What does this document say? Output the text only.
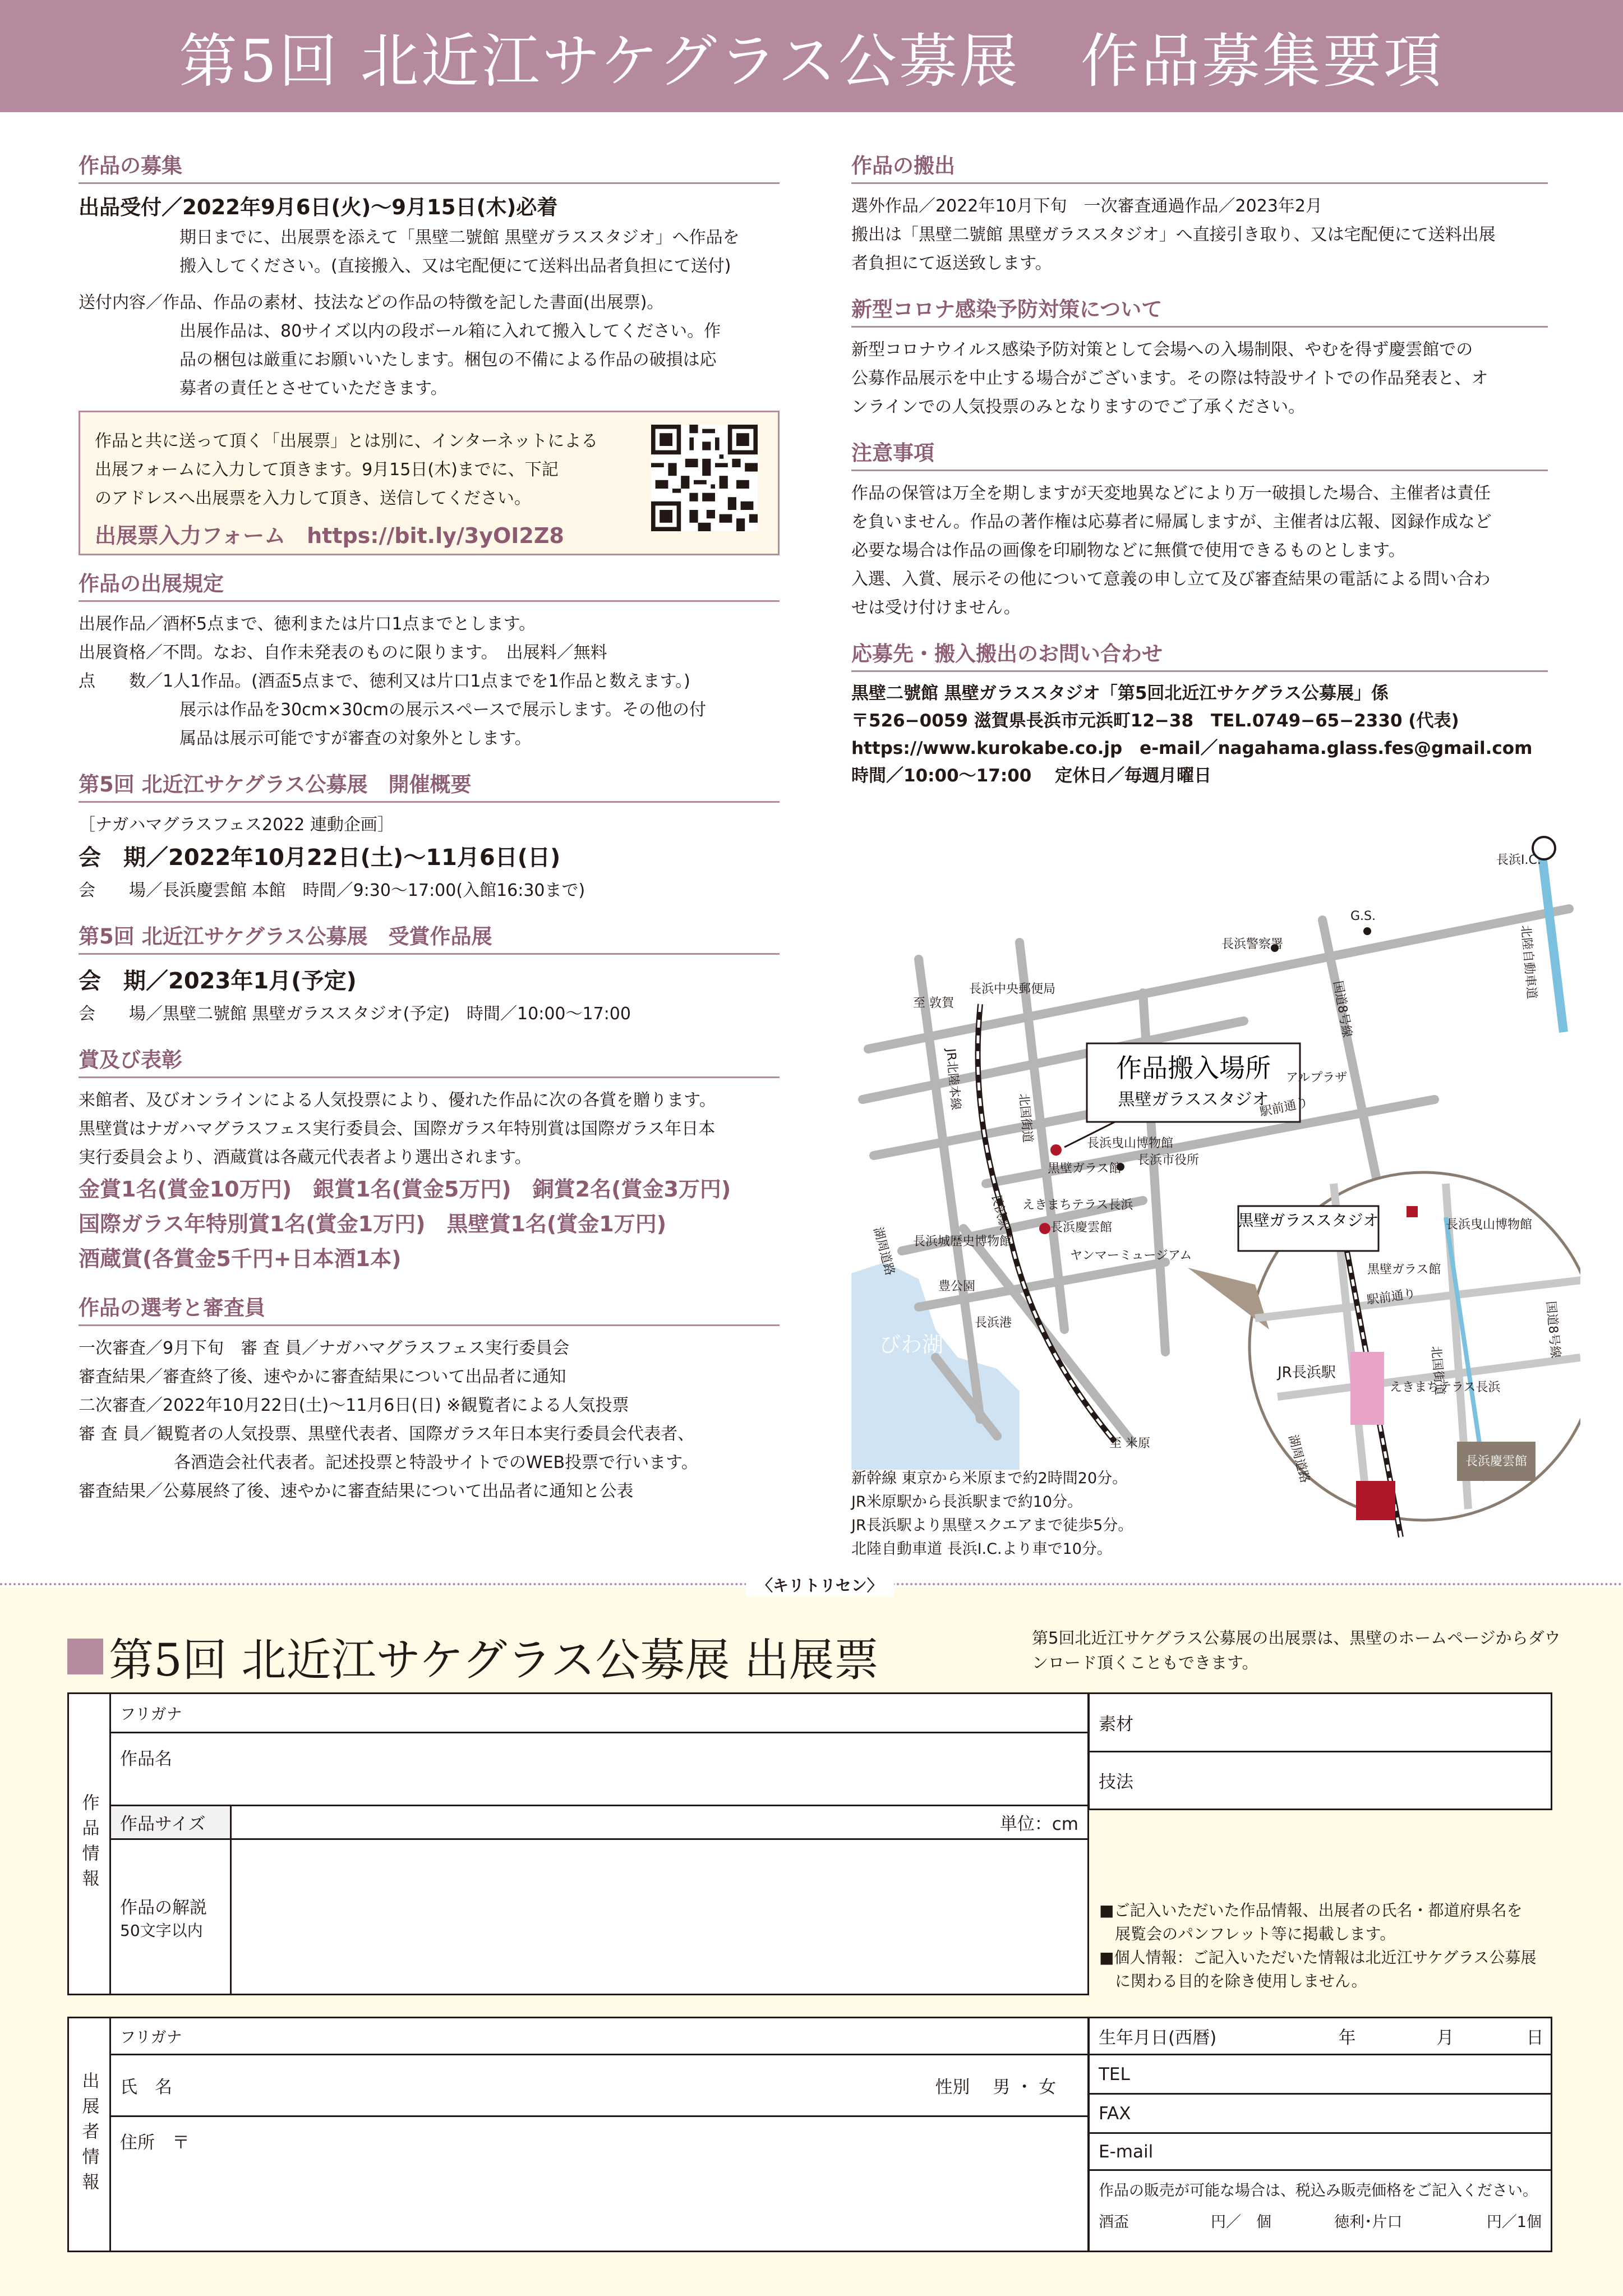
第5回 北近江サケグラス公募展　作品募集要項
作品の募集

出品受付／2022年9月6日(火)～9月15日(木)必着

期日までに、出展票を添えて「黒壁二號館 黒壁ガラススタジオ」へ作品を

搬入してください。(直接搬入、又は宅配便にて送料出品者負担にて送付)

送付内容／作品、作品の素材、技法などの作品の特徴を記した書面(出展票)。

出展作品は、80サイズ以内の段ボール箱に入れて搬入してください。作

品の梱包は厳重にお願いいたします。梱包の不備による作品の破損は応

募者の責任とさせていただきます。

作品と共に送って頂く「出展票」とは別に、インターネットによる

出展フォームに入力して頂きます。9月15日(木)までに、下記

のアドレスへ出展票を入力して頂き、送信してください。

出展票入力フォーム　https://bit.ly/3yOI2Z8
作品の出展規定

出展作品／酒杯5点まで、徳利または片口1点までとします。

出展資格／不問。なお、自作未発表のものに限ります。　出展料／無料

点　　数／1人1作品。(酒盃5点まで、徳利又は片口1点までを1作品と数えます。)

展示は作品を30cm×30cmの展示スペースで展示します。その他の付

属品は展示可能ですが審査の対象外とします。

第5回 北近江サケグラス公募展　開催概要

［ナガハマグラスフェス2022 連動企画］

会　期／2022年10月22日(土)～11月6日(日)

会　　場／長浜慶雲館 本館　時間／9:30～17:00(入館16:30まで)

第5回 北近江サケグラス公募展　受賞作品展

会　期／2023年1月(予定)

会　　場／黒壁二號館 黒壁ガラススタジオ(予定)　時間／10:00～17:00

賞及び表彰

来館者、及びオンラインによる人気投票により、優れた作品に次の各賞を贈ります。

黒壁賞はナガハマグラスフェス実行委員会、国際ガラス年特別賞は国際ガラス年日本

実行委員会より、酒蔵賞は各蔵元代表者より選出されます。

金賞1名(賞金10万円)　銀賞1名(賞金5万円)　銅賞2名(賞金3万円)

国際ガラス年特別賞1名(賞金1万円)　黒壁賞1名(賞金1万円)

酒蔵賞(各賞金5千円+日本酒1本)

作品の選考と審査員

一次審査／9月下旬　審 査 員／ナガハマグラスフェス実行委員会

審査結果／審査終了後、速やかに審査結果について出品者に通知

二次審査／2022年10月22日(土)～11月6日(日) ※観覧者による人気投票

審 査 員／観覧者の人気投票、黒壁代表者、国際ガラス年日本実行委員会代表者、

各酒造会社代表者。記述投票と特設サイトでのWEB投票で行います。

審査結果／公募展終了後、速やかに審査結果について出品者に通知と公表

作品の搬出

選外作品／2022年10月下旬　一次審査通過作品／2023年2月

搬出は「黒壁二號館 黒壁ガラススタジオ」へ直接引き取り、又は宅配便にて送料出展

者負担にて返送致します。

新型コロナ感染予防対策について

新型コロナウイルス感染予防対策として会場への入場制限、やむを得ず慶雲館での

公募作品展示を中止する場合がございます。その際は特設サイトでの作品発表と、オ

ンラインでの人気投票のみとなりますのでご了承ください。

注意事項

作品の保管は万全を期しますが天変地異などにより万一破損した場合、主催者は責任

を負いません。作品の著作権は応募者に帰属しますが、主催者は広報、図録作成など

必要な場合は作品の画像を印刷物などに無償で使用できるものとします。

入選、入賞、展示その他について意義の申し立て及び審査結果の電話による問い合わ

せは受け付けません。

応募先・搬入搬出のお問い合わせ

黒壁二號館 黒壁ガラススタジオ「第5回北近江サケグラス公募展」係

〒526−0059 滋賀県長浜市元浜町12−38　TEL.0749−65−2330 (代表)

https://www.kurokabe.co.jp　e-mail／nagahama.glass.fes@gmail.com

時間／10:00～17:00　 定休日／毎週月曜日

作品搬入場所
黒壁ガラススタジオ
長浜I.C.
長浜警察署
G.S.
国道8号線
北陸自動車道
至 敦賀
長浜中央郵便局
JR北陸本線
北国街道
アルプラザ
駅前通り
長浜曳山博物館
黒壁ガラス館
長浜市役所
湖周道路
長浜駅 えきまちテラス長浜
長浜城歴史博物館
長浜慶雲館
ヤンマーミュージアム
豊公園
長浜港
びわ湖
至 米原
黒壁ガラススタジオ	長浜曳山博物館
黒壁ガラス館
駅前通り
国道8号線
JR長浜駅
えきまちテラス長浜
北国街道
湖周道路	長浜慶雲館

新幹線 東京から米原まで約2時間20分。

JR米原駅から長浜駅まで約10分。

JR長浜駅より黒壁スクエアまで徒歩5分。

北陸自動車道 長浜I.C.より車で10分。

〈キリトリセン〉
第5回 北近江サケグラス公募展 出展票	第5回北近江サケグラス公募展の出展票は、黒壁のホームページからダウンロード頂くこともできます。
作品情報	フリガナ	
	作品名	
	作品サイズ	単位：cm

	作品の解説
50文字以内	

素材
技法
■ご記入いただいた作品情報、出展者の氏名・都道府県名を
　展覧会のパンフレット等に掲載します。
■個人情報：ご記入いただいた情報は北近江サケグラス公募展
　に関わる目的を除き使用しません。
出展者情報	フリガナ
氏　名	性別　 男 ・ 女

住所　〒
生年月日(西暦)	年	月	日

TEL
FAX
E-mail

作品の販売が可能な場合は、税込み販売価格をご記入ください。
酒盃	円／　個	徳利･片口	円／1個
